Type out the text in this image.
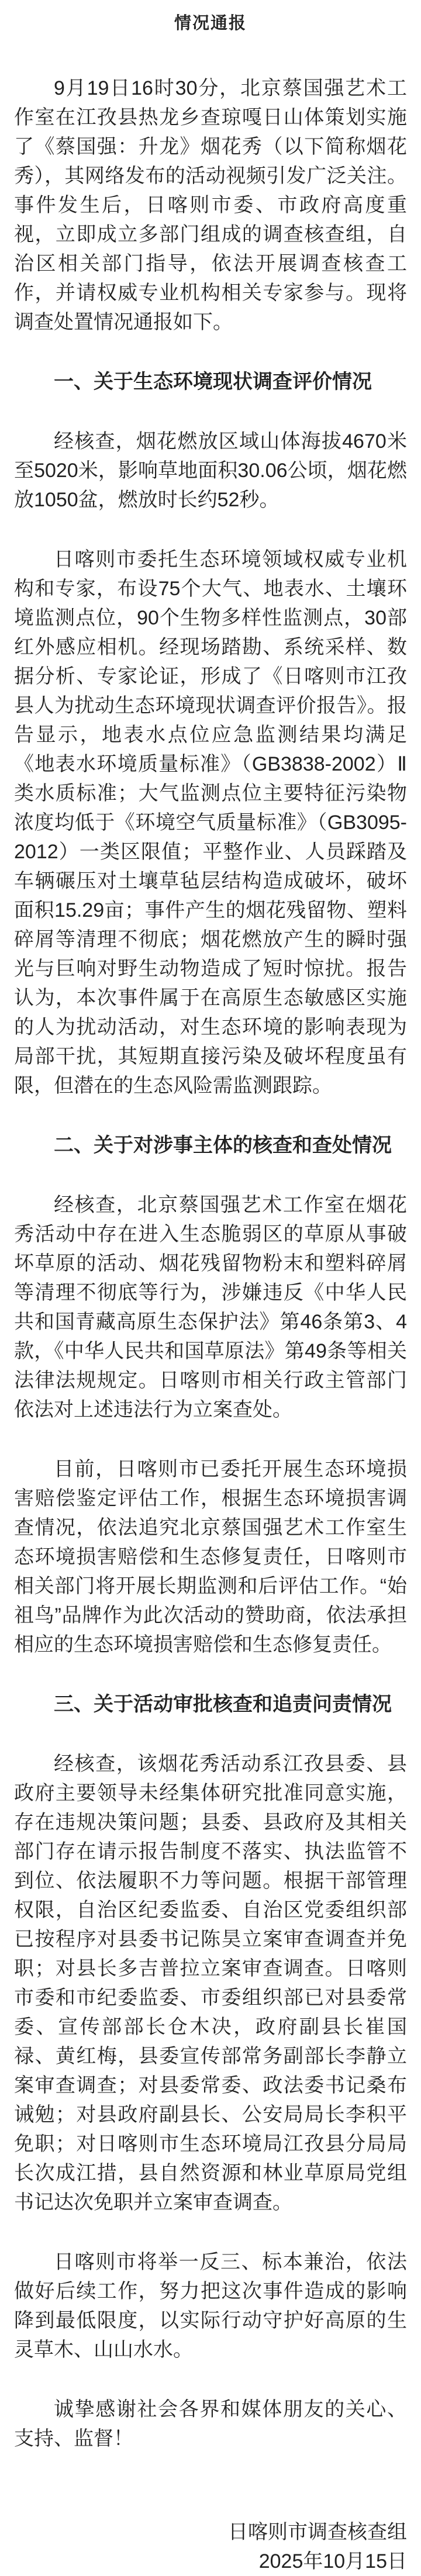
情况通报

9月19日16时30分，北京蔡国强艺术工作室在江孜县热龙乡查琼嘎日山体策划实施了《蔡国强：升龙》烟花秀（以下简称烟花秀），其网络发布的活动视频引发广泛关注。事件发生后，日喀则市委、市政府高度重视，立即成立多部门组成的调查核查组，自治区相关部门指导，依法开展调查核查工作，并请权威专业机构相关专家参与。现将调查处置情况通报如下。

一、关于生态环境现状调查评价情况

经核查，烟花燃放区域山体海拔4670米至5020米，影响草地面积30.06公顷，烟花燃放1050盆，燃放时长约52秒。

日喀则市委托生态环境领域权威专业机构和专家，布设75个大气、地表水、土壤环境监测点位，90个生物多样性监测点，30部红外感应相机。经现场踏勘、系统采样、数据分析、专家论证，形成了《日喀则市江孜县人为扰动生态环境现状调查评价报告》。报告显示，地表水点位应急监测结果均满足《地表水环境质量标准》（GB3838-2002）Ⅱ类水质标准；大气监测点位主要特征污染物浓度均低于《环境空气质量标准》（GB3095-2012）一类区限值；平整作业、人员踩踏及车辆碾压对土壤草毡层结构造成破坏，破坏面积15.29亩；事件产生的烟花残留物、塑料碎屑等清理不彻底；烟花燃放产生的瞬时强光与巨响对野生动物造成了短时惊扰。报告认为，本次事件属于在高原生态敏感区实施的人为扰动活动，对生态环境的影响表现为局部干扰，其短期直接污染及破坏程度虽有限，但潜在的生态风险需监测跟踪。

二、关于对涉事主体的核查和查处情况

经核查，北京蔡国强艺术工作室在烟花秀活动中存在进入生态脆弱区的草原从事破坏草原的活动、烟花残留物粉末和塑料碎屑等清理不彻底等行为，涉嫌违反《中华人民共和国青藏高原生态保护法》第46条第3、4款，《中华人民共和国草原法》第49条等相关法律法规规定。日喀则市相关行政主管部门依法对上述违法行为立案查处。

目前，日喀则市已委托开展生态环境损害赔偿鉴定评估工作，根据生态环境损害调查情况，依法追究北京蔡国强艺术工作室生态环境损害赔偿和生态修复责任，日喀则市相关部门将开展长期监测和后评估工作。“始祖鸟”品牌作为此次活动的赞助商，依法承担相应的生态环境损害赔偿和生态修复责任。

三、关于活动审批核查和追责问责情况

经核查，该烟花秀活动系江孜县委、县政府主要领导未经集体研究批准同意实施，存在违规决策问题；县委、县政府及其相关部门存在请示报告制度不落实、执法监管不到位、依法履职不力等问题。根据干部管理权限，自治区纪委监委、自治区党委组织部已按程序对县委书记陈昊立案审查调查并免职；对县长多吉普拉立案审查调查。日喀则市委和市纪委监委、市委组织部已对县委常委、宣传部部长仓木决，政府副县长崔国禄、黄红梅，县委宣传部常务副部长李静立案审查调查；对县委常委、政法委书记桑布诫勉；对县政府副县长、公安局局长李积平免职；对日喀则市生态环境局江孜县分局局长次成江措，县自然资源和林业草原局党组书记达次免职并立案审查调查。

日喀则市将举一反三、标本兼治，依法做好后续工作，努力把这次事件造成的影响降到最低限度，以实际行动守护好高原的生灵草木、山山水水。

诚挚感谢社会各界和媒体朋友的关心、支持、监督！

日喀则市调查核查组

2025年10月15日
